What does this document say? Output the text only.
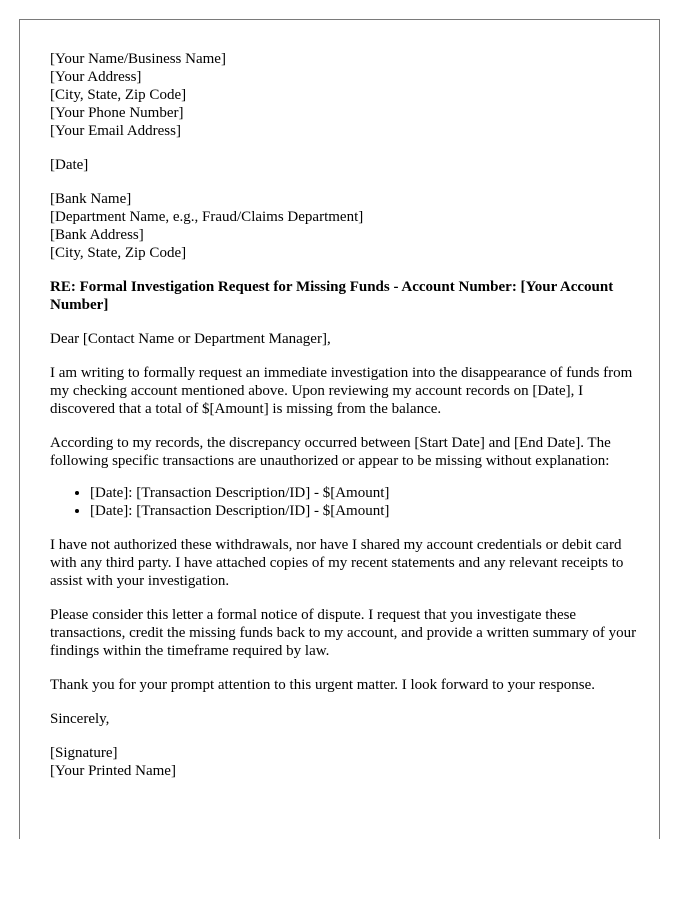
[Your Name/Business Name]

[Your Address]

[City, State, Zip Code]

[Your Phone Number]

[Your Email Address]

[Date]

[Bank Name]

[Department Name, e.g., Fraud/Claims Department]

[Bank Address]

[City, State, Zip Code]

RE: Formal Investigation Request for Missing Funds - Account Number: [Your Account Number]

Dear [Contact Name or Department Manager],

I am writing to formally request an immediate investigation into the disappearance of funds from my checking account mentioned above. Upon reviewing my account records on [Date], I discovered that a total of $[Amount] is missing from the balance.

According to my records, the discrepancy occurred between [Start Date] and [End Date]. The following specific transactions are unauthorized or appear to be missing without explanation:

• [Date]: [Transaction Description/ID] - $[Amount]
• [Date]: [Transaction Description/ID] - $[Amount]

I have not authorized these withdrawals, nor have I shared my account credentials or debit card with any third party. I have attached copies of my recent statements and any relevant receipts to assist with your investigation.

Please consider this letter a formal notice of dispute. I request that you investigate these transactions, credit the missing funds back to my account, and provide a written summary of your findings within the timeframe required by law.

Thank you for your prompt attention to this urgent matter. I look forward to your response.

Sincerely,

[Signature]

[Your Printed Name]
